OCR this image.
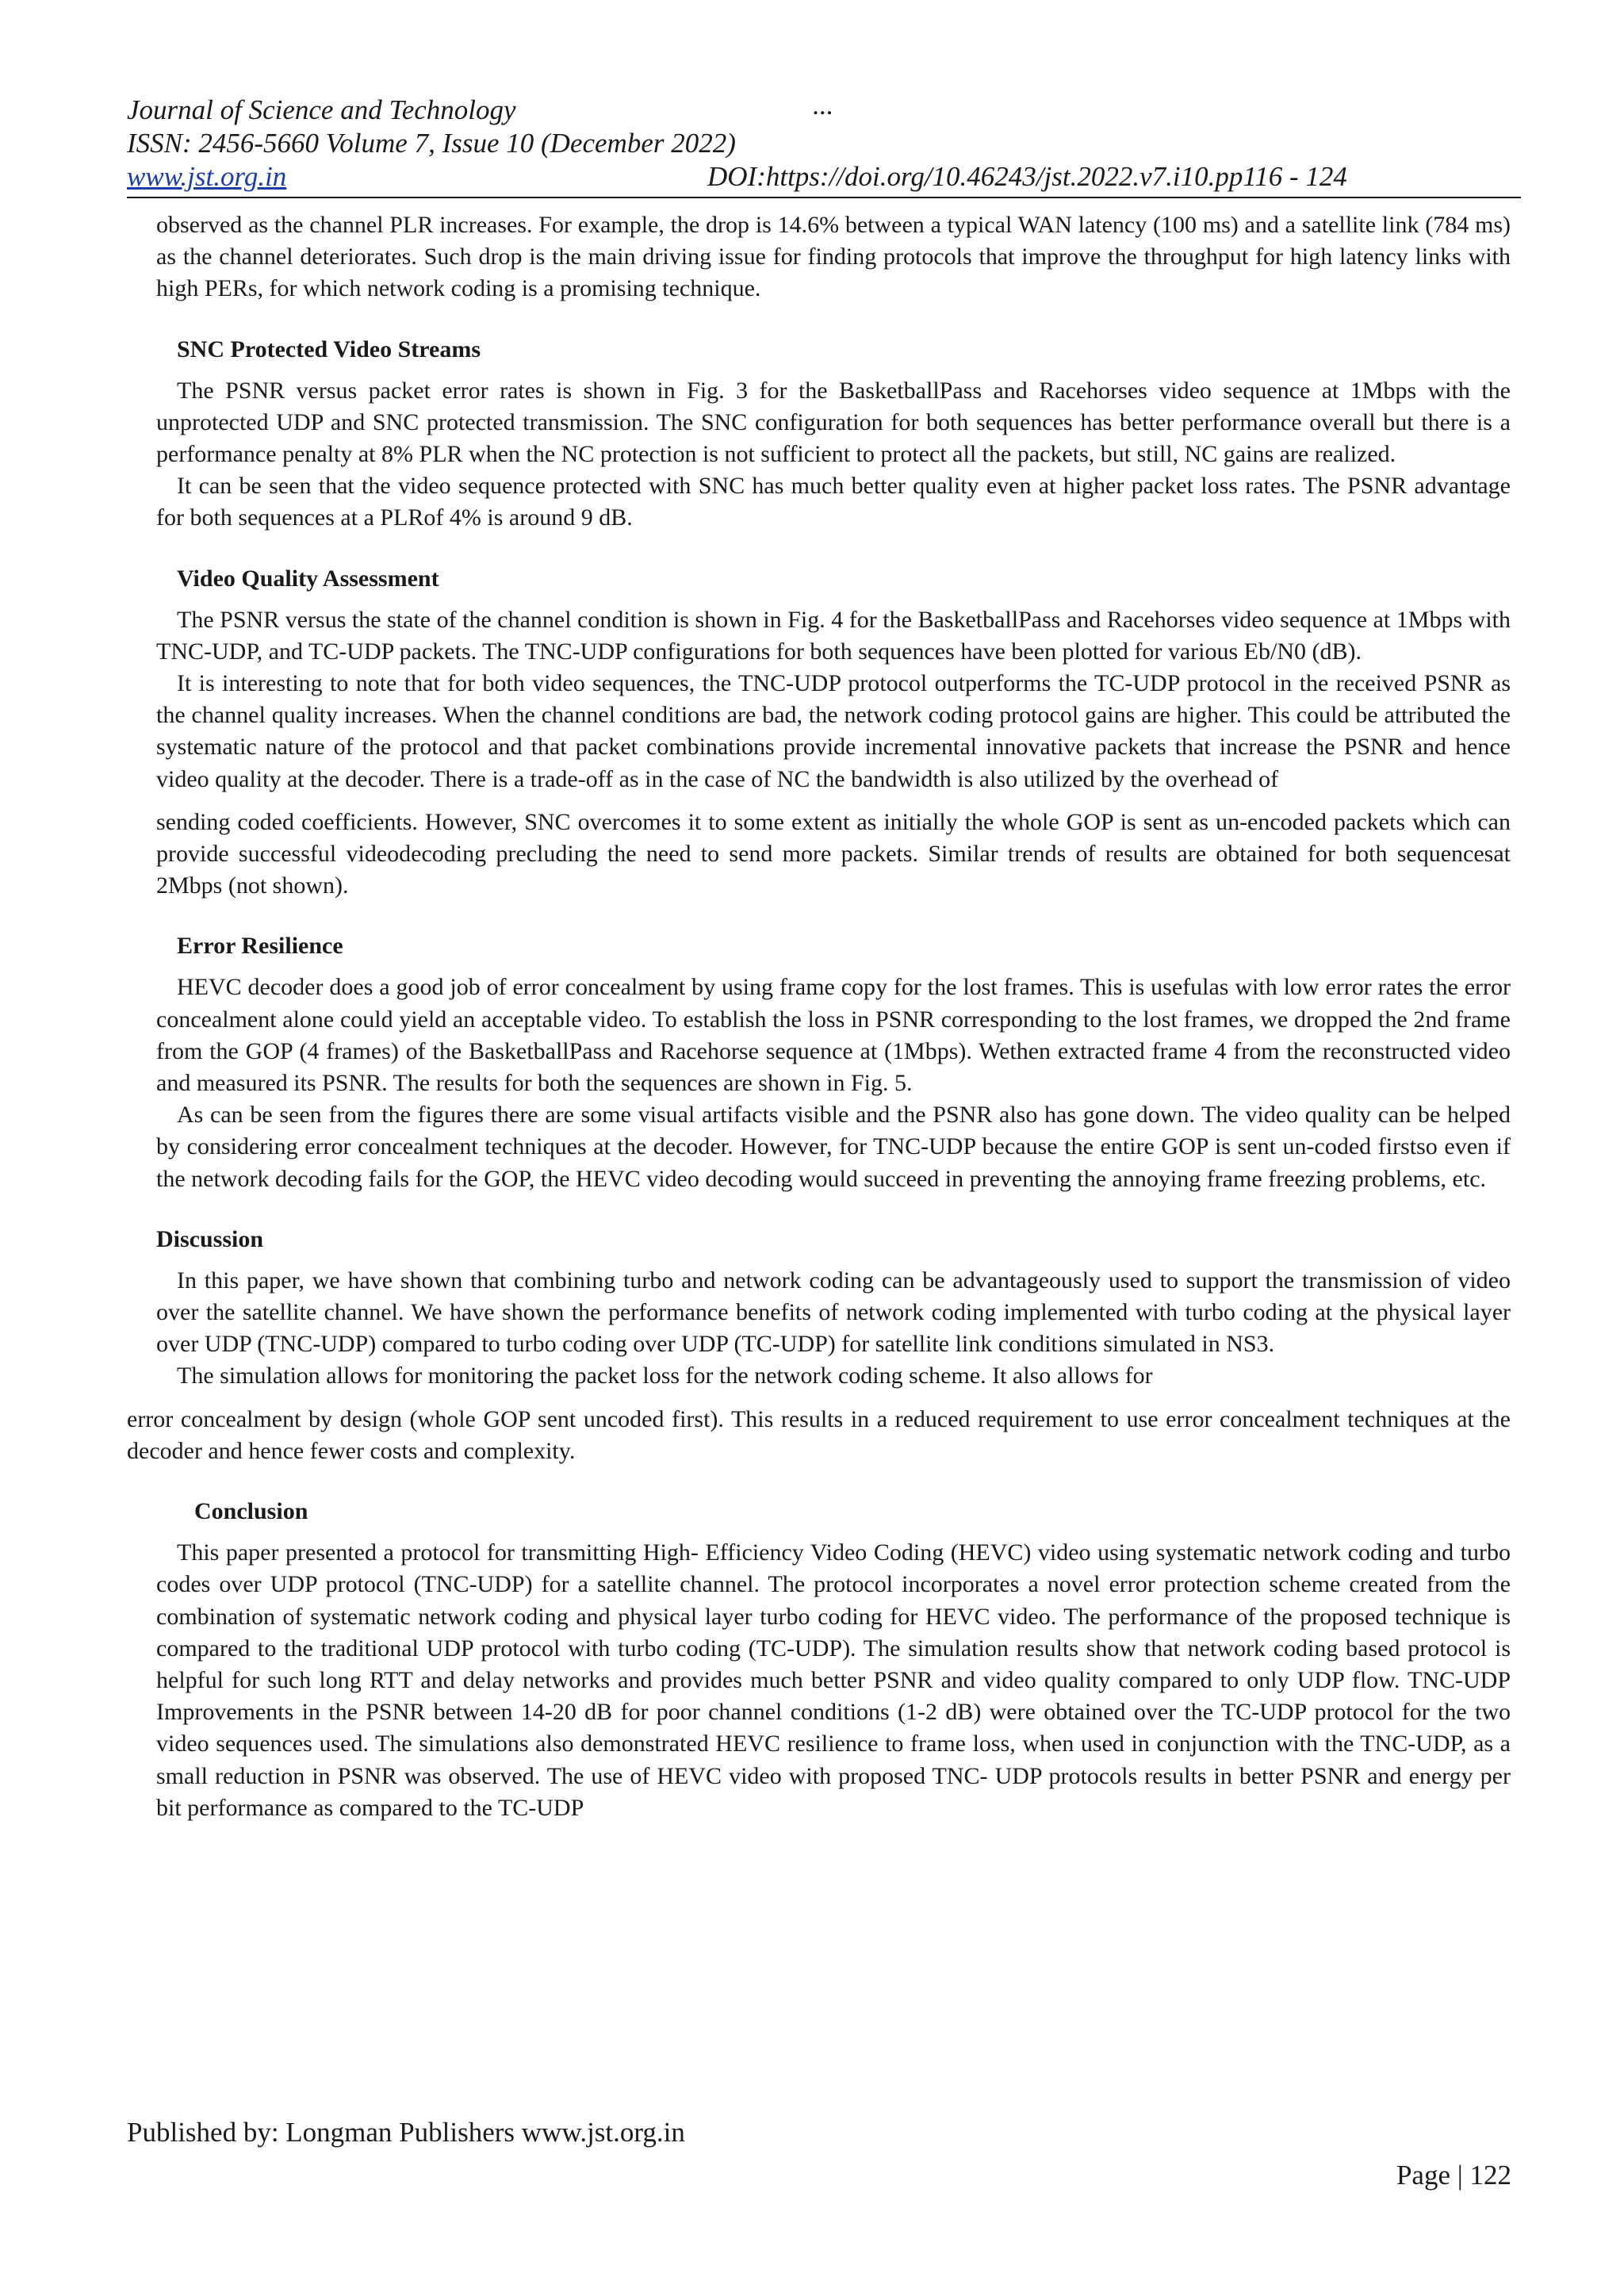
Journal of Science and Technology	...
ISSN: 2456-5660 Volume 7, Issue 10 (December 2022)
www.jst.org.in	DOI:https://doi.org/10.46243/jst.2022.v7.i10.pp116 - 124

observed as the channel PLR increases. For example, the drop is 14.6% between a typical WAN latency (100 ms) and a satellite link (784 ms) as the channel deteriorates. Such drop is the main driving issue for finding protocols that improve the throughput for high latency links with high PERs, for which network coding is a promising technique.

SNC Protected Video Streams

The PSNR versus packet error rates is shown in Fig. 3 for the BasketballPass and Racehorses video sequence at 1Mbps with the unprotected UDP and SNC protected transmission. The SNC configuration for both sequences has better performance overall but there is a performance penalty at 8% PLR when the NC protection is not sufficient to protect all the packets, but still, NC gains are realized.

It can be seen that the video sequence protected with SNC has much better quality even at higher packet loss rates. The PSNR advantage for both sequences at a PLRof 4% is around 9 dB.

Video Quality Assessment

The PSNR versus the state of the channel condition is shown in Fig. 4 for the BasketballPass and Racehorses video sequence at 1Mbps with TNC-UDP, and TC-UDP packets. The TNC-UDP configurations for both sequences have been plotted for various Eb/N0 (dB).

It is interesting to note that for both video sequences, the TNC-UDP protocol outperforms the TC-UDP protocol in the received PSNR as the channel quality increases. When the channel conditions are bad, the network coding protocol gains are higher. This could be attributed the systematic nature of the protocol and that packet combinations provide incremental innovative packets that increase the PSNR and hence video quality at the decoder. There is a trade-off as in the case of NC the bandwidth is also utilized by the overhead of

sending coded coefficients. However, SNC overcomes it to some extent as initially the whole GOP is sent as un-encoded packets which can provide successful videodecoding precluding the need to send more packets. Similar trends of results are obtained for both sequencesat 2Mbps (not shown).

Error Resilience

HEVC decoder does a good job of error concealment by using frame copy for the lost frames. This is usefulas with low error rates the error concealment alone could yield an acceptable video. To establish the loss in PSNR corresponding to the lost frames, we dropped the 2nd frame from the GOP (4 frames) of the BasketballPass and Racehorse sequence at (1Mbps). Wethen extracted frame 4 from the reconstructed video and measured its PSNR. The results for both the sequences are shown in Fig. 5.

As can be seen from the figures there are some visual artifacts visible and the PSNR also has gone down. The video quality can be helped by considering error concealment techniques at the decoder. However, for TNC-UDP because the entire GOP is sent un-coded firstso even if the network decoding fails for the GOP, the HEVC video decoding would succeed in preventing the annoying frame freezing problems, etc.

Discussion

In this paper, we have shown that combining turbo and network coding can be advantageously used to support the transmission of video over the satellite channel. We have shown the performance benefits of network coding implemented with turbo coding at the physical layer over UDP (TNC-UDP) compared to turbo coding over UDP (TC-UDP) for satellite link conditions simulated in NS3.

The simulation allows for monitoring the packet loss for the network coding scheme. It also allows for

error concealment by design (whole GOP sent uncoded first). This results in a reduced requirement to use error concealment techniques at the decoder and hence fewer costs and complexity.

Conclusion

This paper presented a protocol for transmitting High- Efficiency Video Coding (HEVC) video using systematic network coding and turbo codes over UDP protocol (TNC-UDP) for a satellite channel. The protocol incorporates a novel error protection scheme created from the combination of systematic network coding and physical layer turbo coding for HEVC video. The performance of the proposed technique is compared to the traditional UDP protocol with turbo coding (TC-UDP). The simulation results show that network coding based protocol is helpful for such long RTT and delay networks and provides much better PSNR and video quality compared to only UDP flow. TNC-UDP Improvements in the PSNR between 14-20 dB for poor channel conditions (1-2 dB) were obtained over the TC-UDP protocol for the two video sequences used. The simulations also demonstrated HEVC resilience to frame loss, when used in conjunction with the TNC-UDP, as a small reduction in PSNR was observed. The use of HEVC video with proposed TNC- UDP protocols results in better PSNR and energy per bit performance as compared to the TC-UDP

Published by: Longman Publishers www.jst.org.in
Page | 122
